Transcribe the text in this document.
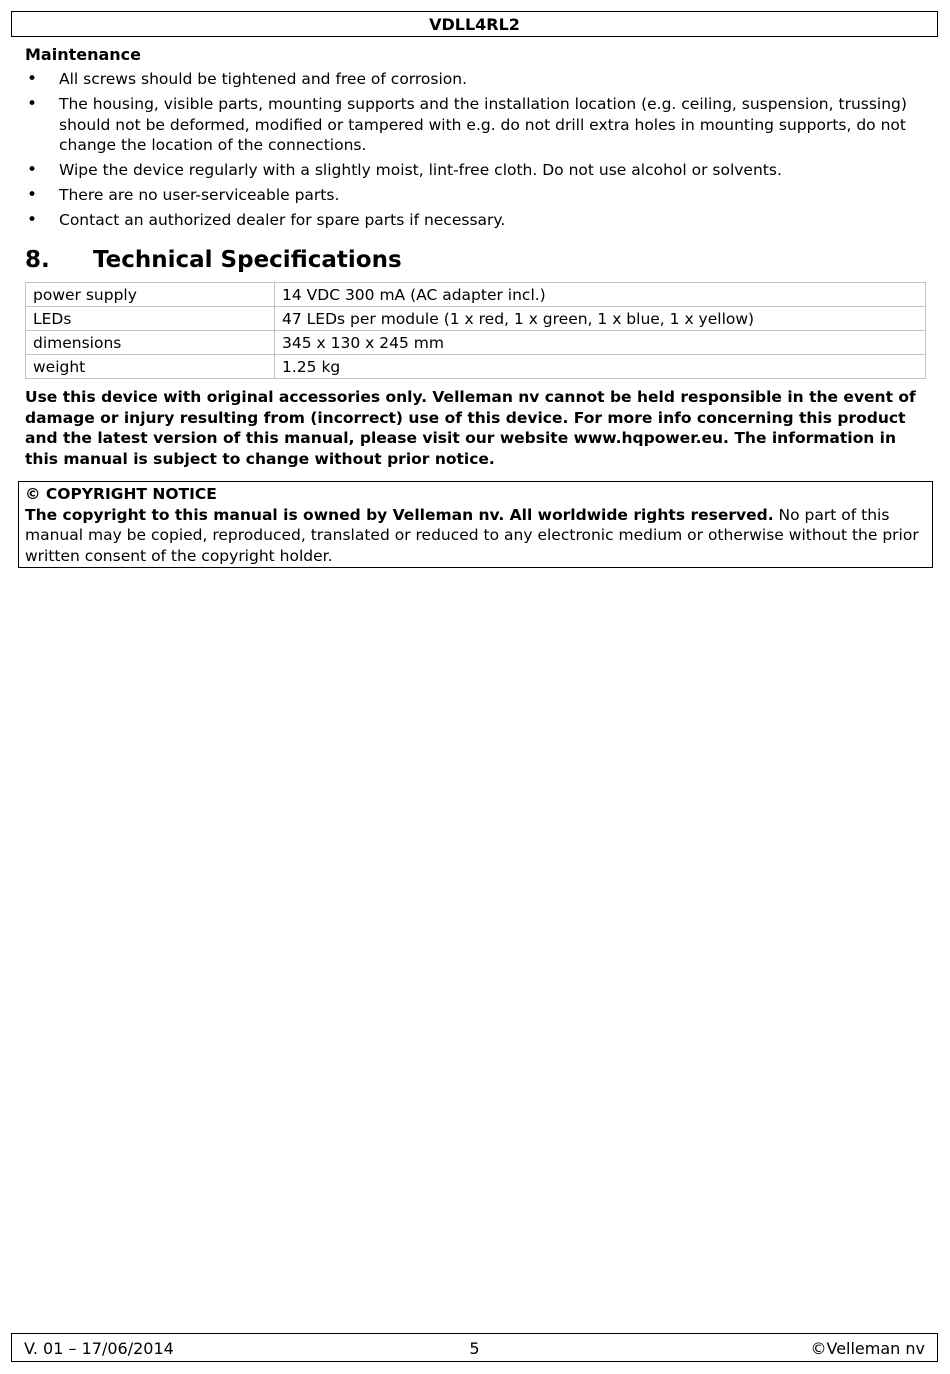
VDLL4RL2
Maintenance
• All screws should be tightened and free of corrosion.
• The housing, visible parts, mounting supports and the installation location (e.g. ceiling, suspension, trussing) should not be deformed, modified or tampered with e.g. do not drill extra holes in mounting supports, do not change the location of the connections.
• Wipe the device regularly with a slightly moist, lint-free cloth. Do not use alcohol or solvents.
• There are no user-serviceable parts.
• Contact an authorized dealer for spare parts if necessary.
8. Technical Specifications
power supply	14 VDC 300 mA (AC adapter incl.)
LEDs	47 LEDs per module (1 x red, 1 x green, 1 x blue, 1 x yellow)
dimensions	345 x 130 x 245 mm
weight	1.25 kg
Use this device with original accessories only. Velleman nv cannot be held responsible in the event of damage or injury resulting from (incorrect) use of this device. For more info concerning this product and the latest version of this manual, please visit our website www.hqpower.eu. The information in this manual is subject to change without prior notice.
© COPYRIGHT NOTICE
The copyright to this manual is owned by Velleman nv. All worldwide rights reserved. No part of this manual may be copied, reproduced, translated or reduced to any electronic medium or otherwise without the prior written consent of the copyright holder.
5
V. 01 – 17/06/2014	©Velleman nv
